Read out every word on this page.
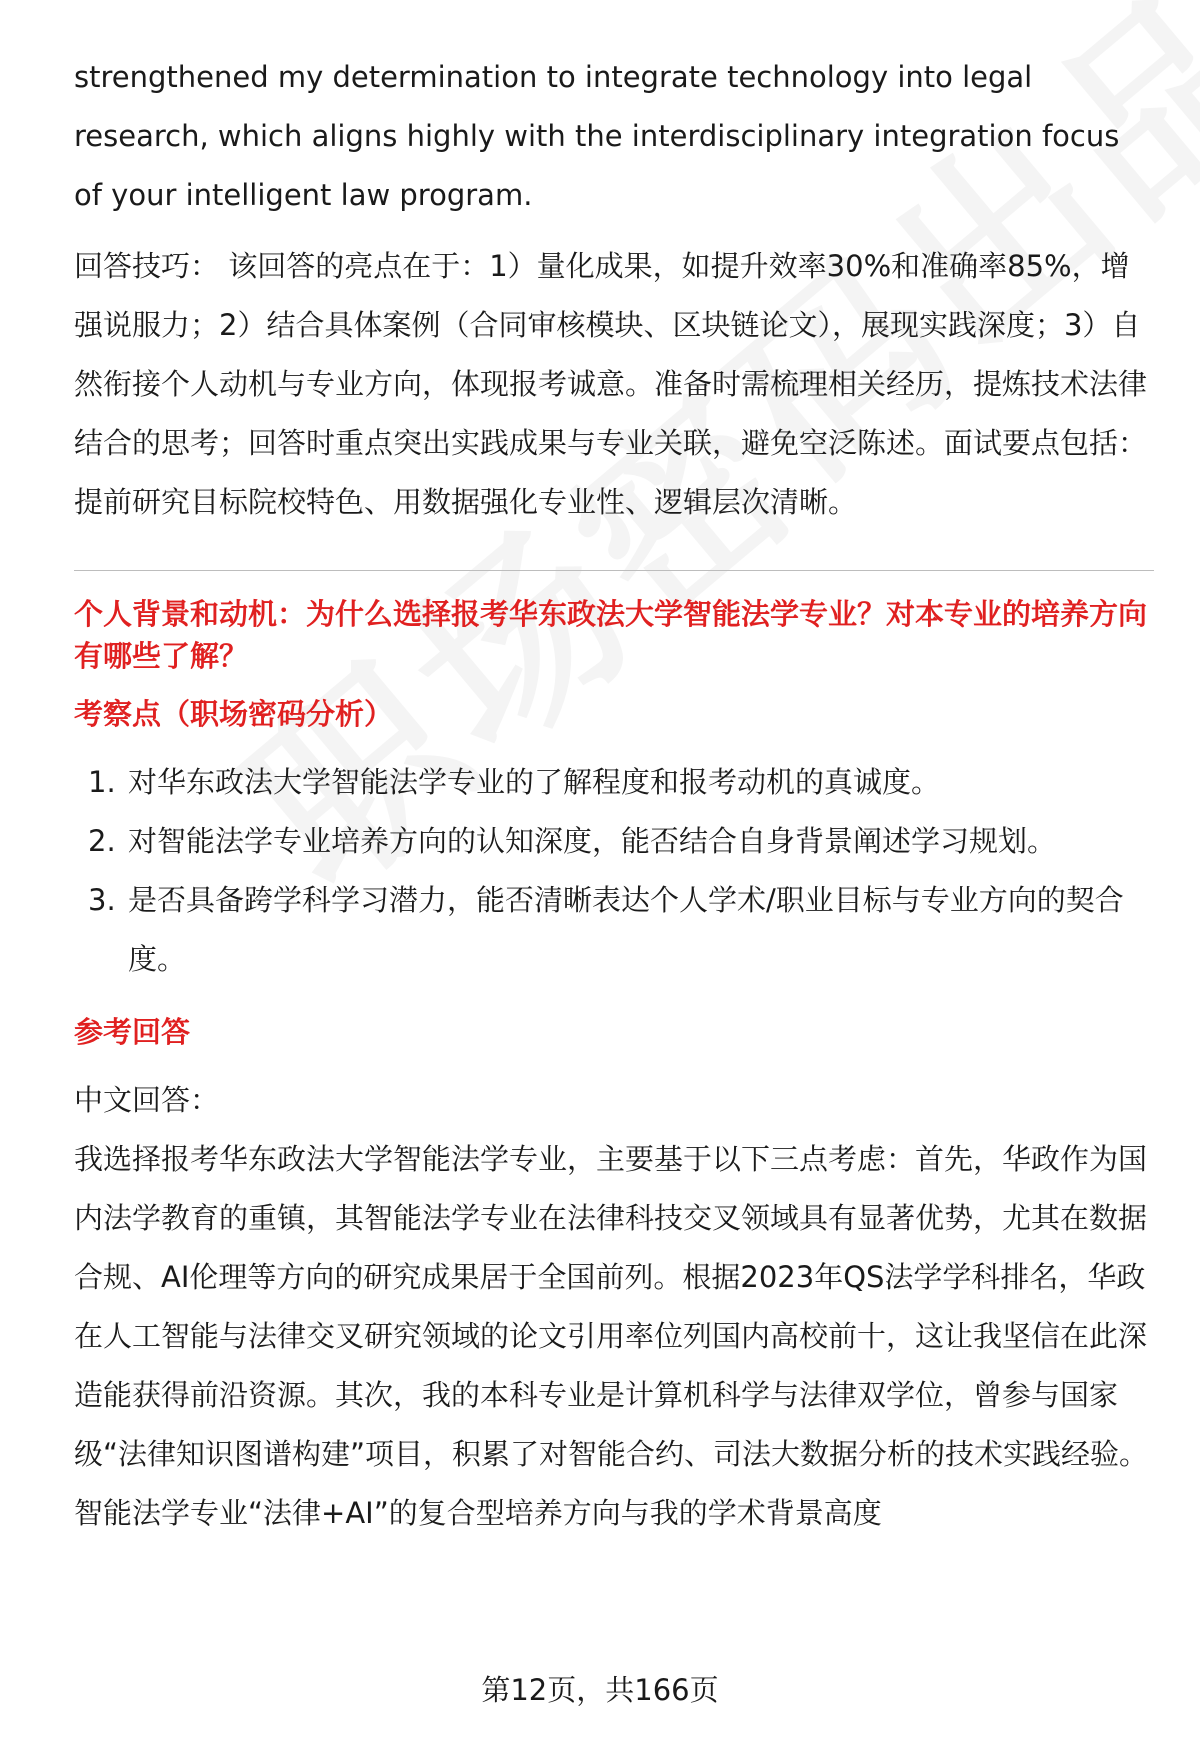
strengthened my determination to integrate technology into legal research, which aligns highly with the interdisciplinary integration focus of your intelligent law program.

回答技巧： 该回答的亮点在于：1）量化成果，如提升效率30%和准确率85%，增强说服力；2）结合具体案例（合同审核模块、区块链论文），展现实践深度；3）自然衔接个人动机与专业方向，体现报考诚意。准备时需梳理相关经历，提炼技术法律结合的思考；回答时重点突出实践成果与专业关联，避免空泛陈述。面试要点包括：提前研究目标院校特色、用数据强化专业性、逻辑层次清晰。

个人背景和动机：为什么选择报考华东政法大学智能法学专业？对本专业的培养方向有哪些了解？
考察点（职场密码分析）
1. 对华东政法大学智能法学专业的了解程度和报考动机的真诚度。
2. 对智能法学专业培养方向的认知深度，能否结合自身背景阐述学习规划。
3. 是否具备跨学科学习潜力，能否清晰表达个人学术/职业目标与专业方向的契合度。
参考回答

中文回答：

我选择报考华东政法大学智能法学专业，主要基于以下三点考虑：首先，华政作为国内法学教育的重镇，其智能法学专业在法律科技交叉领域具有显著优势，尤其在数据合规、AI伦理等方向的研究成果居于全国前列。根据2023年QS法学学科排名，华政在人工智能与法律交叉研究领域的论文引用率位列国内高校前十，这让我坚信在此深造能获得前沿资源。其次，我的本科专业是计算机科学与法律双学位，曾参与国家级“法律知识图谱构建”项目，积累了对智能合约、司法大数据分析的技术实践经验。智能法学专业“法律+AI”的复合型培养方向与我的学术背景高度

第12页，共166页
